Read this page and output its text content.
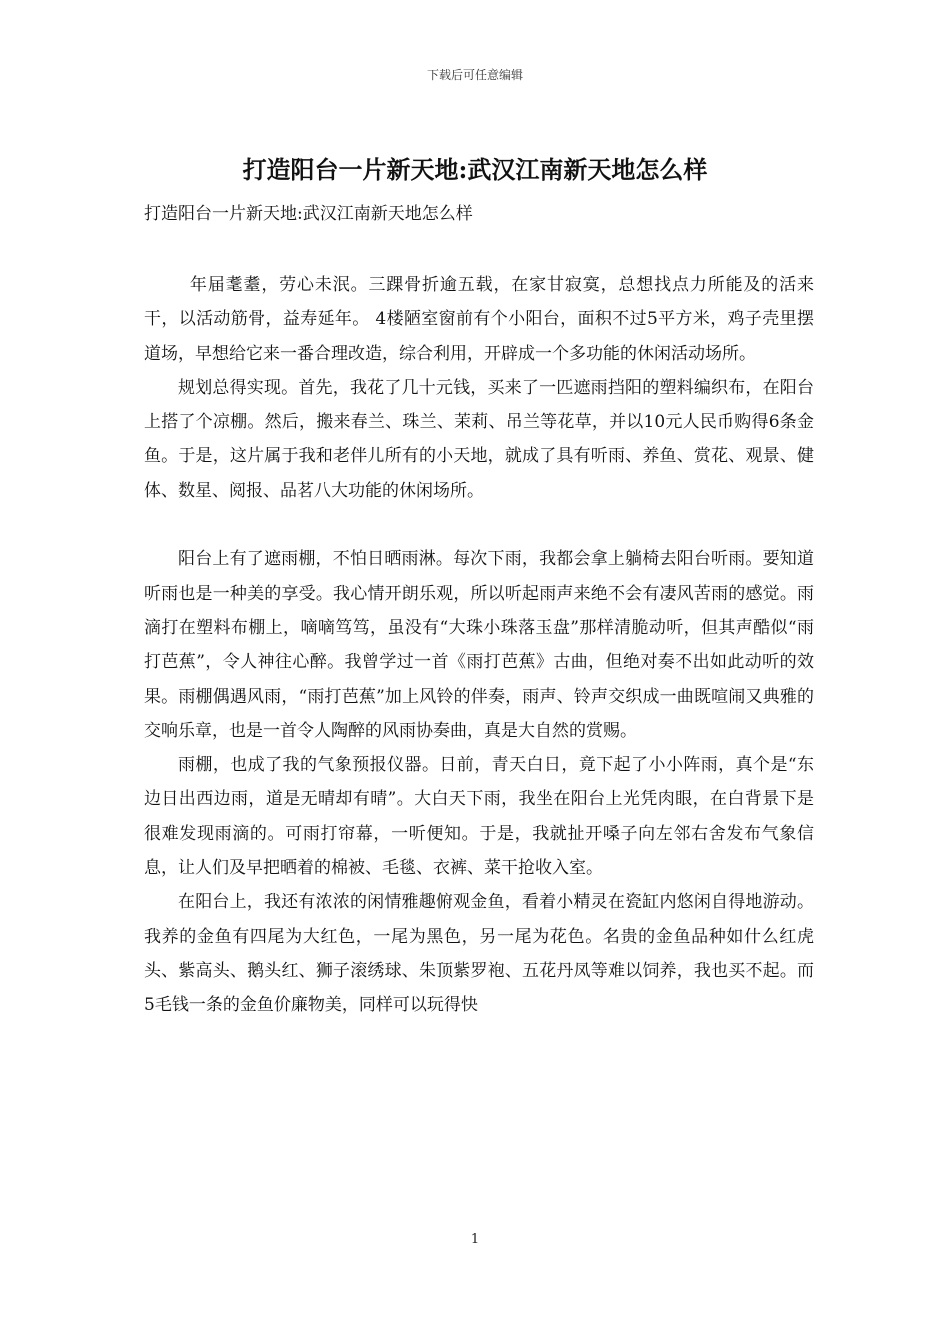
下载后可任意编辑
打造阳台一片新天地:武汉江南新天地怎么样

打造阳台一片新天地:武汉江南新天地怎么样

年届耄耋，劳心未泯。三踝骨折逾五载，在家甘寂寞，总想找点力所能及的活来干，以活动筋骨，益寿延年。 4楼陋室窗前有个小阳台，面积不过5平方米，鸡子壳里摆道场，早想给它来一番合理改造，综合利用，开辟成一个多功能的休闲活动场所。

规划总得实现。首先，我花了几十元钱，买来了一匹遮雨挡阳的塑料编织布，在阳台上搭了个凉棚。然后，搬来春兰、珠兰、茉莉、吊兰等花草，并以10元人民币购得6条金鱼。于是，这片属于我和老伴儿所有的小天地，就成了具有听雨、养鱼、赏花、观景、健体、数星、阅报、品茗八大功能的休闲场所。

阳台上有了遮雨棚，不怕日晒雨淋。每次下雨，我都会拿上躺椅去阳台听雨。要知道听雨也是一种美的享受。我心情开朗乐观，所以听起雨声来绝不会有凄风苦雨的感觉。雨滴打在塑料布棚上，嘀嘀笃笃，虽没有“大珠小珠落玉盘”那样清脆动听，但其声酷似“雨打芭蕉”，令人神往心醉。我曾学过一首《雨打芭蕉》古曲，但绝对奏不出如此动听的效果。雨棚偶遇风雨，“雨打芭蕉”加上风铃的伴奏，雨声、铃声交织成一曲既喧闹又典雅的交响乐章，也是一首令人陶醉的风雨协奏曲，真是大自然的赏赐。

雨棚，也成了我的气象预报仪器。日前，青天白日，竟下起了小小阵雨，真个是“东边日出西边雨，道是无晴却有晴”。大白天下雨，我坐在阳台上光凭肉眼，在白背景下是很难发现雨滴的。可雨打帘幕，一听便知。于是，我就扯开嗓子向左邻右舍发布气象信息，让人们及早把晒着的棉被、毛毯、衣裤、菜干抢收入室。

在阳台上，我还有浓浓的闲情雅趣俯观金鱼，看着小精灵在瓷缸内悠闲自得地游动。我养的金鱼有四尾为大红色，一尾为黑色，另一尾为花色。名贵的金鱼品种如什么红虎头、紫高头、鹅头红、狮子滚绣球、朱顶紫罗袍、五花丹凤等难以饲养，我也买不起。而5毛钱一条的金鱼价廉物美，同样可以玩得快

1
